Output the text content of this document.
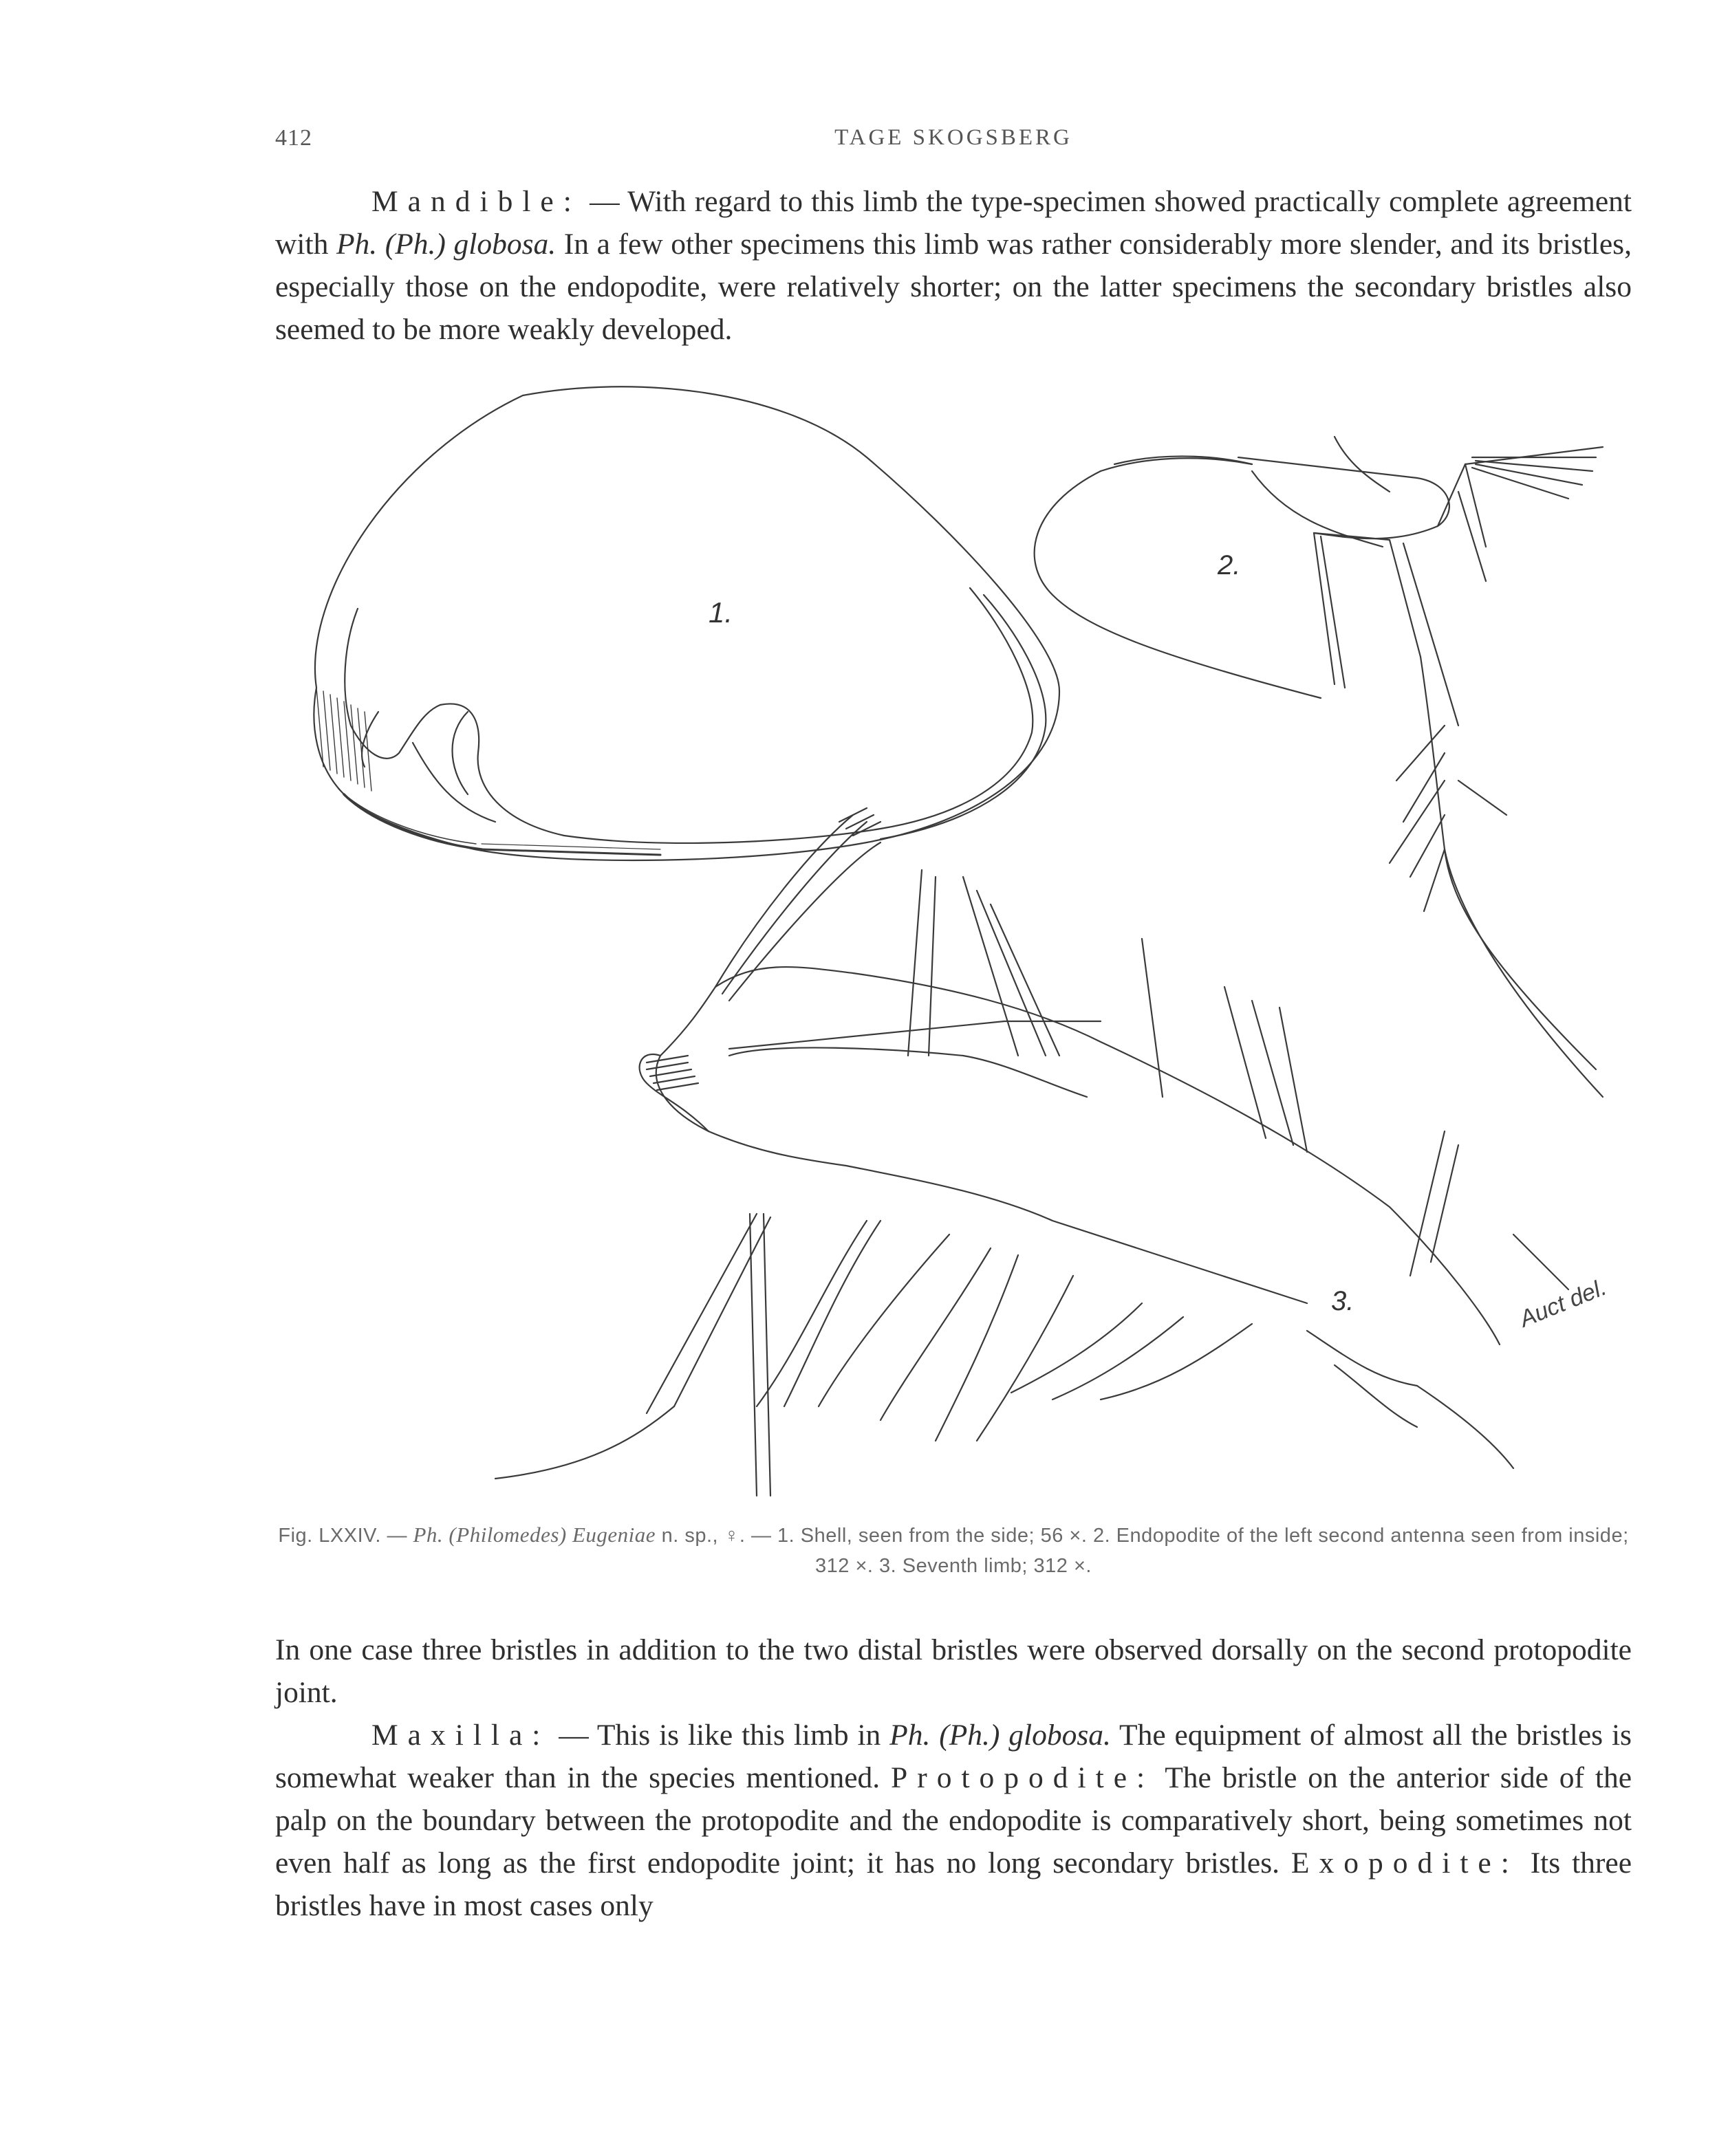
412	TAGE SKOGSBERG
Mandible: — With regard to this limb the type-specimen showed practically complete agreement with Ph. (Ph.) globosa. In a few other specimens this limb was rather considerably more slender, and its bristles, especially those on the endopodite, were relatively shorter; on the latter specimens the secondary bristles also seemed to be more weakly developed.
1.
2.
3.	Auct del.
Fig. LXXIV. — Ph. (Philomedes) Eugeniae n. sp., ♀. — 1. Shell, seen from the side; 56 ×. 2. Endopodite of the left second antenna seen from inside; 312 ×. 3. Seventh limb; 312 ×.
In one case three bristles in addition to the two distal bristles were observed dorsally on the second protopodite joint.
Maxilla: — This is like this limb in Ph. (Ph.) globosa. The equipment of almost all the bristles is somewhat weaker than in the species mentioned. Protopodite: The bristle on the anterior side of the palp on the boundary between the protopodite and the endopodite is comparatively short, being sometimes not even half as long as the first endopodite joint; it has no long secondary bristles. Exopodite: Its three bristles have in most cases only
